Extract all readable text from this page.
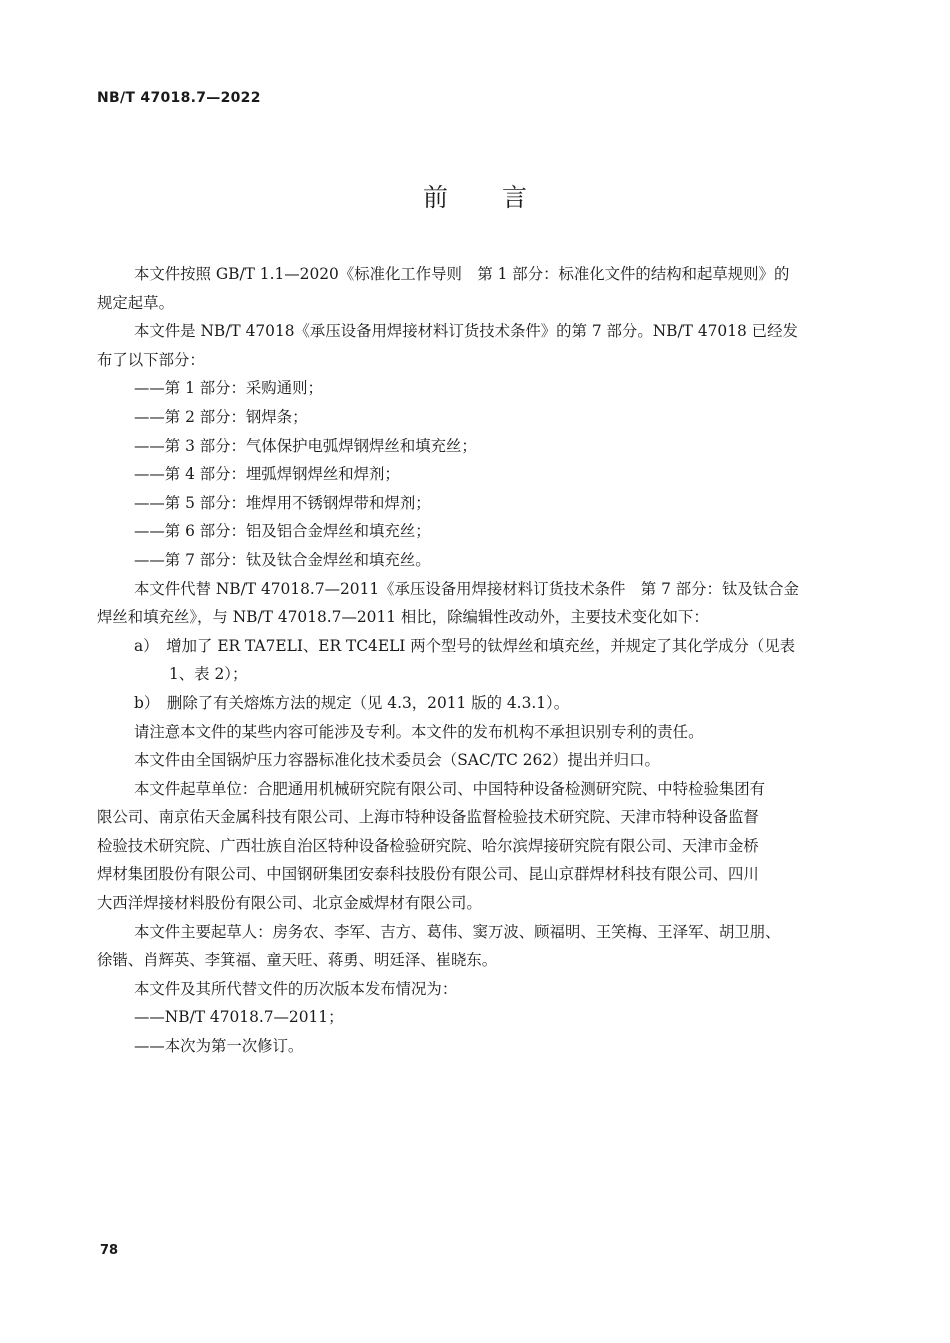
NB/T 47018.7—2022
前 言
本文件按照 GB/T 1.1—2020《标准化工作导则　第 1 部分：标准化文件的结构和起草规则》的
规定起草。
本文件是 NB/T 47018《承压设备用焊接材料订货技术条件》的第 7 部分。NB/T 47018 已经发
布了以下部分：
——第 1 部分：采购通则；
——第 2 部分：钢焊条；
——第 3 部分：气体保护电弧焊钢焊丝和填充丝；
——第 4 部分：埋弧焊钢焊丝和焊剂；
——第 5 部分：堆焊用不锈钢焊带和焊剂；
——第 6 部分：铝及铝合金焊丝和填充丝；
——第 7 部分：钛及钛合金焊丝和填充丝。
本文件代替 NB/T 47018.7—2011《承压设备用焊接材料订货技术条件　第 7 部分：钛及钛合金
焊丝和填充丝》，与 NB/T 47018.7—2011 相比，除编辑性改动外，主要技术变化如下：
a）　增加了 ER TA7ELI、ER TC4ELI 两个型号的钛焊丝和填充丝，并规定了其化学成分（见表
1、表 2）；
b）　删除了有关熔炼方法的规定（见 4.3，2011 版的 4.3.1）。
请注意本文件的某些内容可能涉及专利。本文件的发布机构不承担识别专利的责任。
本文件由全国锅炉压力容器标准化技术委员会（SAC/TC 262）提出并归口。
本文件起草单位：合肥通用机械研究院有限公司、中国特种设备检测研究院、中特检验集团有
限公司、南京佑天金属科技有限公司、上海市特种设备监督检验技术研究院、天津市特种设备监督
检验技术研究院、广西壮族自治区特种设备检验研究院、哈尔滨焊接研究院有限公司、天津市金桥
焊材集团股份有限公司、中国钢研集团安泰科技股份有限公司、昆山京群焊材科技有限公司、四川
大西洋焊接材料股份有限公司、北京金威焊材有限公司。
本文件主要起草人：房务农、李军、吉方、葛伟、窦万波、顾福明、王笑梅、王泽军、胡卫朋、
徐锴、肖辉英、李箕福、童天旺、蒋勇、明廷泽、崔晓东。
本文件及其所代替文件的历次版本发布情况为：
——NB/T 47018.7—2011；
——本次为第一次修订。
78
